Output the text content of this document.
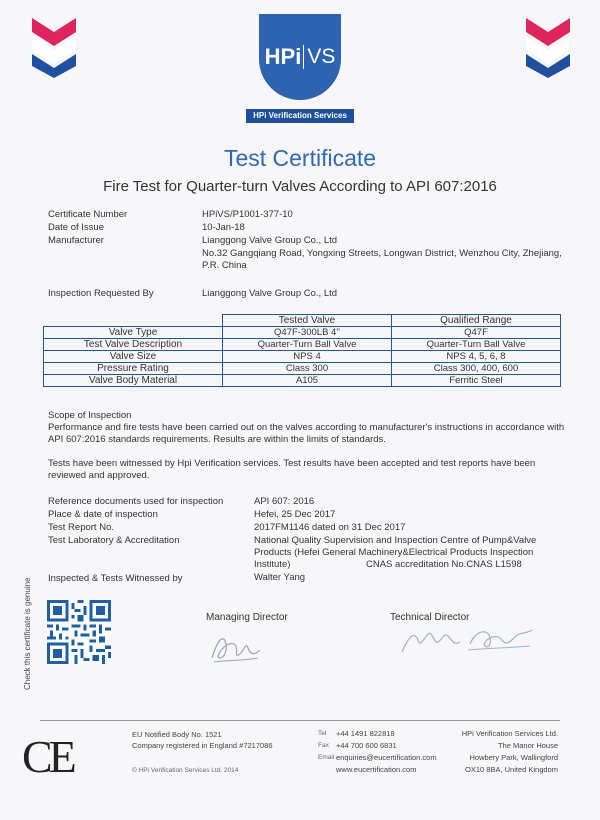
HPi VS
HPi Verification Services
Test Certificate
Fire Test for Quarter-turn Valves According to API 607:2016
Certificate Number	HPiVS/P1001-377-10
Date of Issue	10-Jan-18
Manufacturer	Lianggong Valve Group Co., Ltd
No.32 Gangqiang Road, Yongxing Streets, Longwan District, Wenzhou City, Zhejiang, P.R. China
Inspection Requested By	Lianggong Valve Group Co., Ltd
	Tested Valve	Qualified Range
Valve Type	Q47F-300LB 4''	Q47F
Test Valve Description	Quarter-Turn Ball Valve	Quarter-Turn Ball Valve
Valve Size	NPS 4	NPS 4, 5, 6, 8
Pressure Rating	Class 300	Class 300, 400, 600
Valve Body Material	A105	Ferritic Steel
Scope of Inspection
Performance and fire tests have been carried out on the valves according to manufacturer's instructions in accordance with API 607:2016 standards requirements. Results are within the limits of standards.
Tests have been witnessed by Hpi Verification services. Test results have been accepted and test reports have been reviewed and approved.
Reference documents used for inspection	API 607: 2016
Place & date of inspection	Hefei, 25 Dec 2017
Test Report No.	2017FM1146 dated on 31 Dec 2017
Test Laboratory & Accreditation	National Quality Supervision and Inspection Centre of Pump&Valve Products (Hefei General Machinery&Electrical Products Inspection Institute)	CNAS accreditation No.CNAS L1598
Inspected & Tests Witnessed by	Walter Yang
Check this certificate is genuine	Managing Director	Technical Director
CE	EU Notified Body No. 1521
Company registered in England #7217086
© HPi Verification Services Ltd. 2014
Tel +44 1491 822818
Fax +44 700 600 6831
Email enquiries@eucertification.com
www.eucertification.com
HPi Verification Services Ltd.
The Manor House
Howbery Park, Wallingford
OX10 8BA, United Kingdom
